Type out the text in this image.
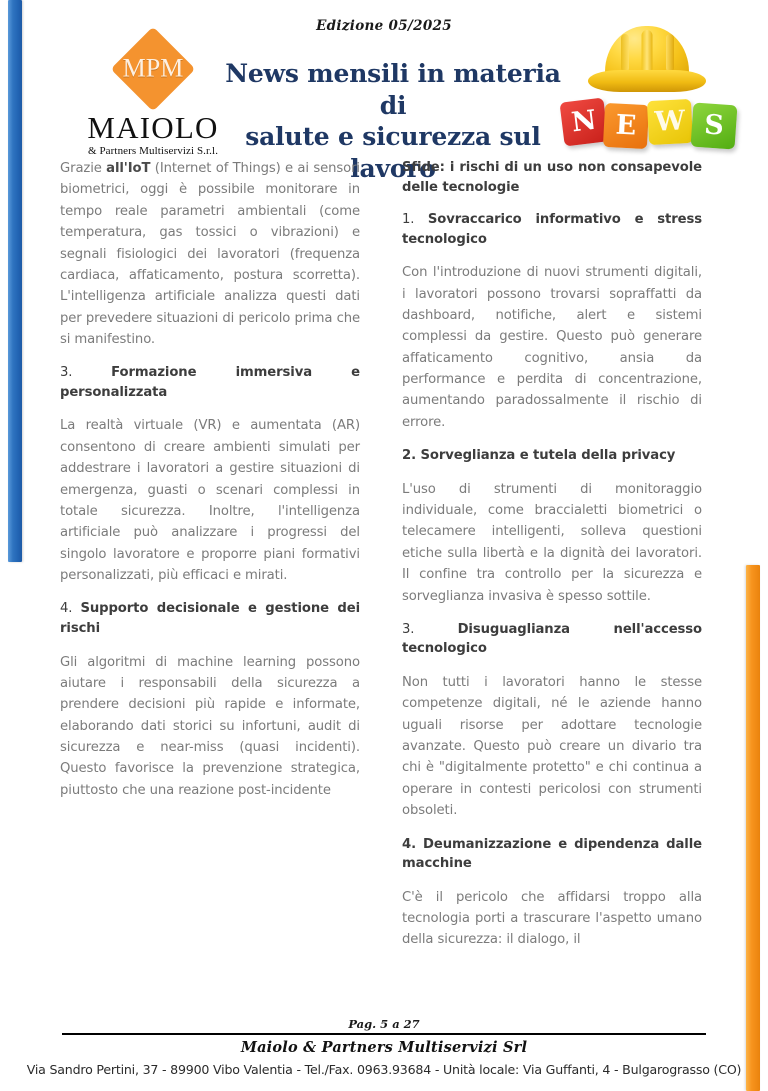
Edizione 05/2025
MPM
MAIOLO
& Partners Multiservizi S.r.l.
News mensili in materia di
salute e sicurezza sul lavoro
N E W S

Grazie all'IoT (Internet of Things) e ai sensori biometrici, oggi è possibile monitorare in tempo reale parametri ambientali (come temperatura, gas tossici o vibrazioni) e segnali fisiologici dei lavoratori (frequenza cardiaca, affaticamento, postura scorretta). L'intelligenza artificiale analizza questi dati per prevedere situazioni di pericolo prima che si manifestino.

3. Formazione immersiva e personalizzata

La realtà virtuale (VR) e aumentata (AR) consentono di creare ambienti simulati per addestrare i lavoratori a gestire situazioni di emergenza, guasti o scenari complessi in totale sicurezza. Inoltre, l'intelligenza artificiale può analizzare i progressi del singolo lavoratore e proporre piani formativi personalizzati, più efficaci e mirati.

4. Supporto decisionale e gestione dei rischi

Gli algoritmi di machine learning possono aiutare i responsabili della sicurezza a prendere decisioni più rapide e informate, elaborando dati storici su infortuni, audit di sicurezza e near-miss (quasi incidenti). Questo favorisce la prevenzione strategica, piuttosto che una reazione post-incidente

Sfide: i rischi di un uso non consapevole delle tecnologie
1. Sovraccarico informativo e stress tecnologico

Con l'introduzione di nuovi strumenti digitali, i lavoratori possono trovarsi sopraffatti da dashboard, notifiche, alert e sistemi complessi da gestire. Questo può generare affaticamento cognitivo, ansia da performance e perdita di concentrazione, aumentando paradossalmente il rischio di errore.

2. Sorveglianza e tutela della privacy

L'uso di strumenti di monitoraggio individuale, come braccialetti biometrici o telecamere intelligenti, solleva questioni etiche sulla libertà e la dignità dei lavoratori. Il confine tra controllo per la sicurezza e sorveglianza invasiva è spesso sottile.

3. Disuguaglianza nell'accesso tecnologico

Non tutti i lavoratori hanno le stesse competenze digitali, né le aziende hanno uguali risorse per adottare tecnologie avanzate. Questo può creare un divario tra chi è "digitalmente protetto" e chi continua a operare in contesti pericolosi con strumenti obsoleti.

4. Deumanizzazione e dipendenza dalle macchine

C'è il pericolo che affidarsi troppo alla tecnologia porti a trascurare l'aspetto umano della sicurezza: il dialogo, il

Pag. 5 a 27
Maiolo & Partners Multiservizi Srl
Via Sandro Pertini, 37 - 89900 Vibo Valentia - Tel./Fax. 0963.93684 - Unità locale: Via Guffanti, 4 - Bulgarograsso (CO)
